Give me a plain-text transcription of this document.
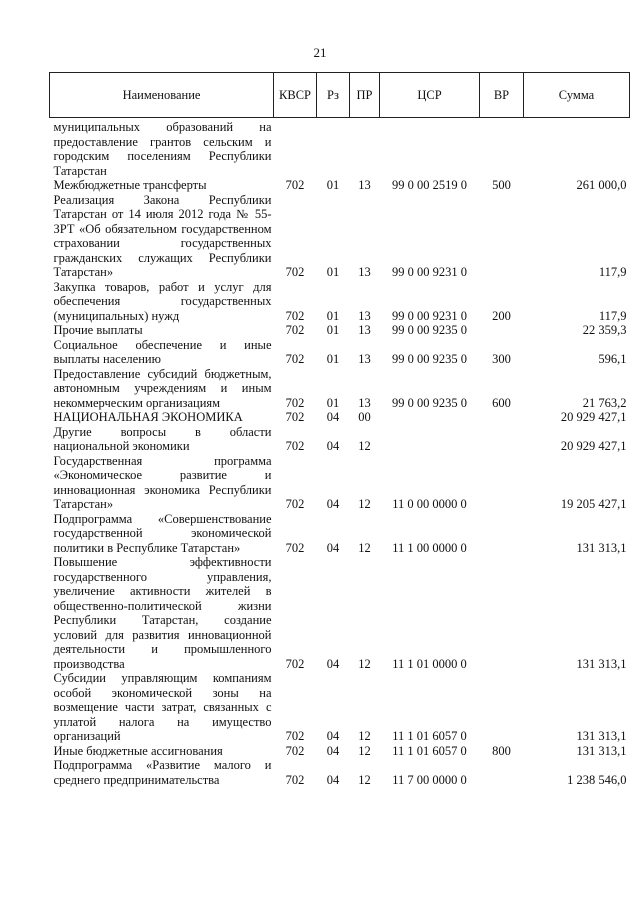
21
Наименование	КВСР	Рз	ПР	ЦСР	ВР	Сумма
муниципальных образований на предоставление грантов сельским и городским поселениям Республики Татарстан						
Межбюджетные трансферты	702	01	13	99 0 00 2519 0	500	261 000,0
Реализация Закона Республики Татарстан от 14 июля 2012 года № 55-ЗРТ «Об обязательном государственном страховании государственных гражданских служащих Республики Татарстан»	702	01	13	99 0 00 9231 0		117,9
Закупка товаров, работ и услуг для обеспечения государственных (муниципальных) нужд	702	01	13	99 0 00 9231 0	200	117,9
Прочие выплаты	702	01	13	99 0 00 9235 0		22 359,3
Социальное обеспечение и иные выплаты населению	702	01	13	99 0 00 9235 0	300	596,1
Предоставление субсидий бюджетным, автономным учреждениям и иным некоммерческим организациям	702	01	13	99 0 00 9235 0	600	21 763,2
НАЦИОНАЛЬНАЯ ЭКОНОМИКА	702	04	00			20 929 427,1
Другие вопросы в области национальной экономики	702	04	12			20 929 427,1
Государственная программа «Экономическое развитие и инновационная экономика Республики Татарстан»	702	04	12	11 0 00 0000 0		19 205 427,1
Подпрограмма «Совершенствование государственной экономической политики в Республике Татарстан»	702	04	12	11 1 00 0000 0		131 313,1
Повышение эффективности государственного управления, увеличение активности жителей в общественно-политической жизни Республики Татарстан, создание условий для развития инновационной деятельности и промышленного производства	702	04	12	11 1 01 0000 0		131 313,1
Субсидии управляющим компаниям особой экономической зоны на возмещение части затрат, связанных с уплатой налога на имущество организаций	702	04	12	11 1 01 6057 0		131 313,1
Иные бюджетные ассигнования	702	04	12	11 1 01 6057 0	800	131 313,1
Подпрограмма «Развитие малого и среднего предпринимательства	702	04	12	11 7 00 0000 0		1 238 546,0
